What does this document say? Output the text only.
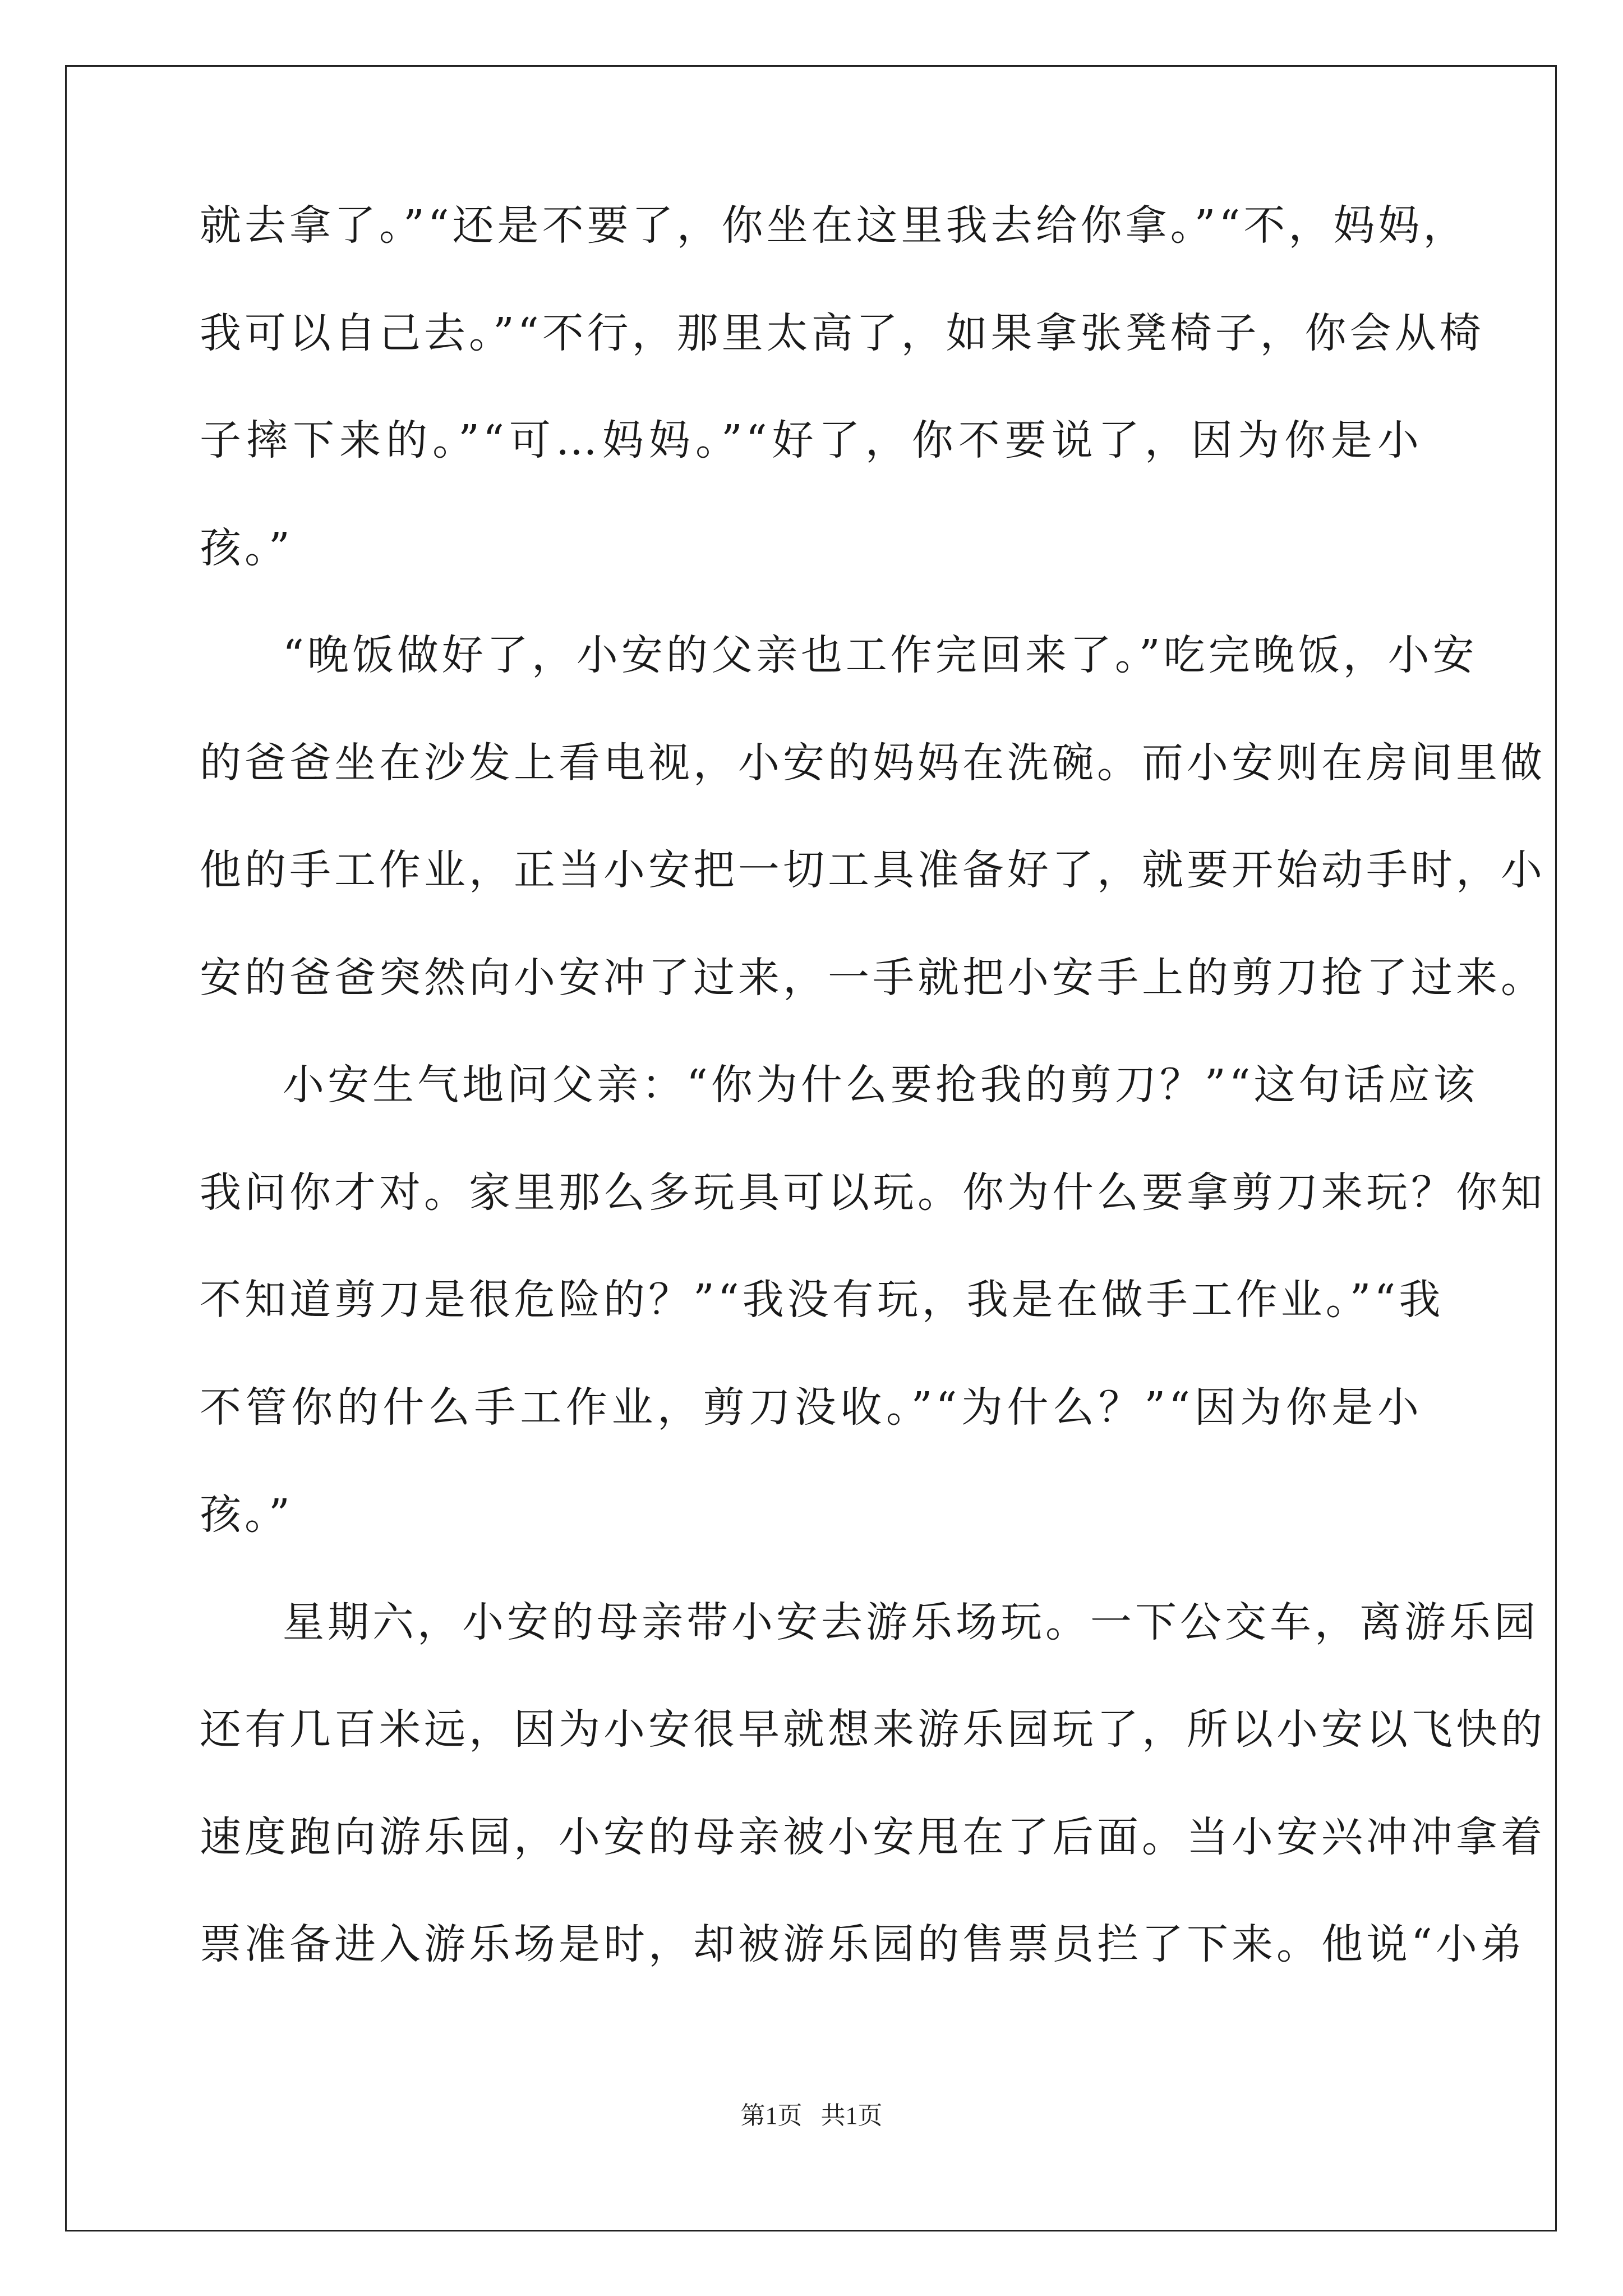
就去拿了。”“还是不要了，你坐在这里我去给你拿。”“不，妈妈，
我可以自己去。”“不行，那里太高了，如果拿张凳椅子，你会从椅
子摔下来的。”“可…妈妈。”“好了，你不要说了，因为你是小
孩。”
“晚饭做好了，小安的父亲也工作完回来了。”吃完晚饭，小安
的爸爸坐在沙发上看电视，小安的妈妈在洗碗。而小安则在房间里做
他的手工作业，正当小安把一切工具准备好了，就要开始动手时，小
安的爸爸突然向小安冲了过来，一手就把小安手上的剪刀抢了过来。
小安生气地问父亲：“你为什么要抢我的剪刀？”“这句话应该
我问你才对。家里那么多玩具可以玩。你为什么要拿剪刀来玩？你知
不知道剪刀是很危险的？”“我没有玩，我是在做手工作业。”“我
不管你的什么手工作业，剪刀没收。”“为什么？”“因为你是小
孩。”
星期六，小安的母亲带小安去游乐场玩。一下公交车，离游乐园
还有几百米远，因为小安很早就想来游乐园玩了，所以小安以飞快的
速度跑向游乐园，小安的母亲被小安甩在了后面。当小安兴冲冲拿着
票准备进入游乐场是时，却被游乐园的售票员拦了下来。他说“小弟
第1页   共1页
